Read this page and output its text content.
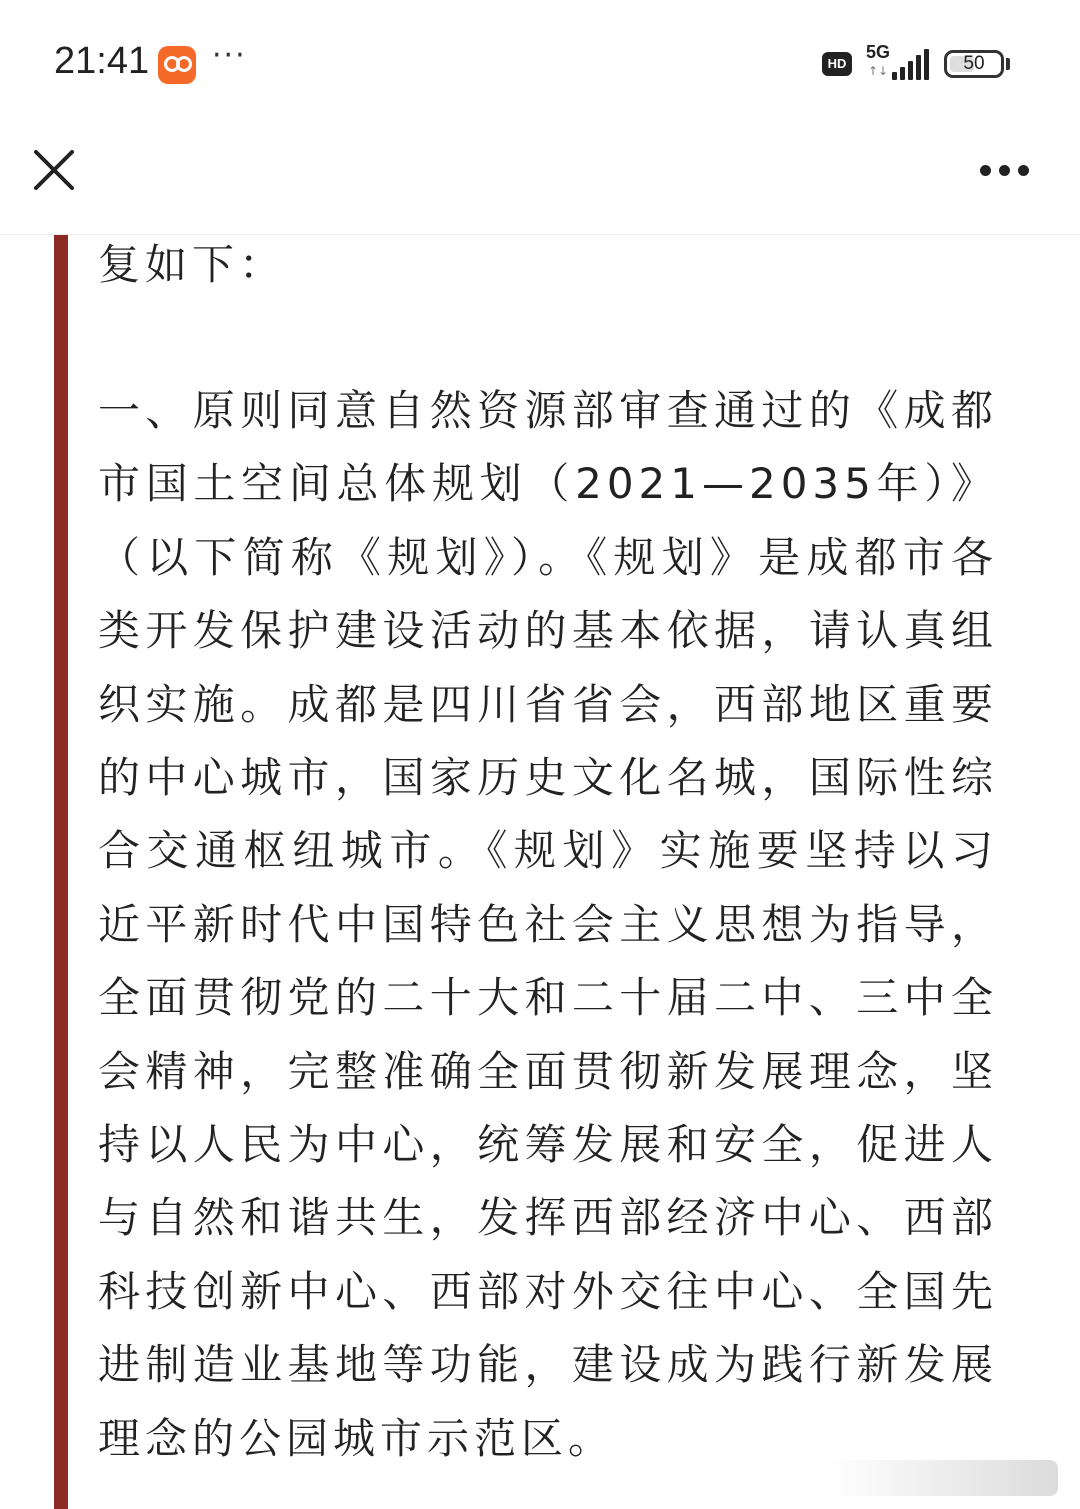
21:41 ···	HD
5G
↑↓	50
复如下：
一、原则同意自然资源部审查通过的《成都市国土空间总体规划（2021—2035年）》（以下简称《规划》）。《规划》是成都市各类开发保护建设活动的基本依据，请认真组织实施。成都是四川省省会，西部地区重要的中心城市，国家历史文化名城，国际性综合交通枢纽城市。《规划》实施要坚持以习近平新时代中国特色社会主义思想为指导，全面贯彻党的二十大和二十届二中、三中全会精神，完整准确全面贯彻新发展理念，坚持以人民为中心，统筹发展和安全，促进人与自然和谐共生，发挥西部经济中心、西部科技创新中心、西部对外交往中心、全国先进制造业基地等功能，建设成为践行新发展理念的公园城市示范区。
